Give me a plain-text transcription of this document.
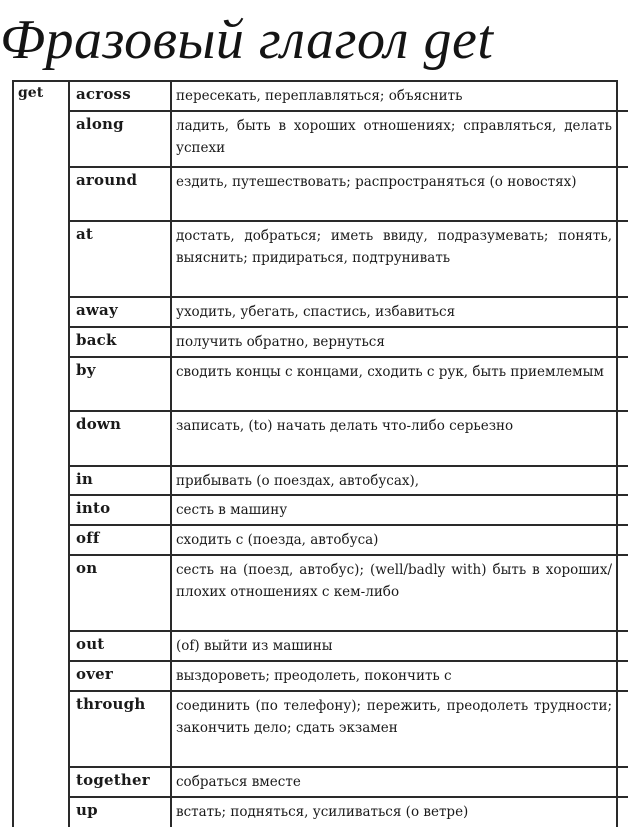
Фразовый глагол get
get across	пересекать, переплавляться; объяснить
along	ладить, быть в хороших отношениях; справляться, делать успехи
around	ездить, путешествовать; распространяться (о новостях)
at	достать, добраться; иметь ввиду, подразумевать; понять, выяснить; придираться, подтрунивать
away	уходить, убегать, спастись, избавиться
back	получить обратно, вернуться
by	сводить концы с концами, сходить с рук, быть приемлемым
down	записать, (to) начать делать что-либо серьезно
in	прибывать (о поездах, автобусах),
into	сесть в машину
off	сходить с (поезда, автобуса)
on	сесть на (поезд, автобус); (well/badly with) быть в хороших/плохих отношениях с кем-либо
out	(of) выйти из машины
over	выздороветь; преодолеть, покончить с
through соединить (по телефону); пережить, преодолеть трудности; закончить дело; сдать экзамен
together собраться вместе
up	встать; подняться, усиливаться (о ветре)
